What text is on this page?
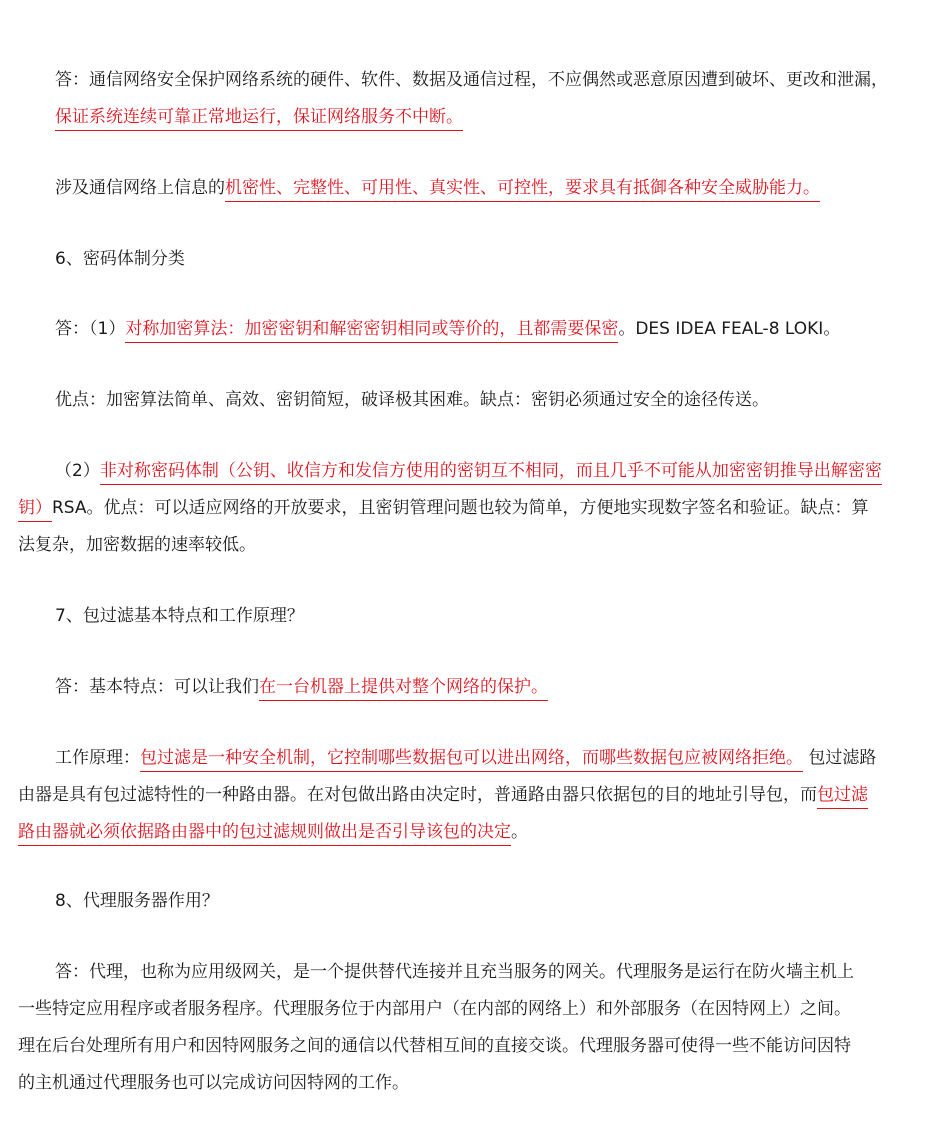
答：通信网络安全保护网络系统的硬件、软件、数据及通信过程，不应偶然或恶意原因遭到破坏、更改和泄漏，
保证系统连续可靠正常地运行，保证网络服务不中断。
涉及通信网络上信息的机密性、完整性、可用性、真实性、可控性，要求具有抵御各种安全威胁能力。
6、密码体制分类
答：（1）对称加密算法：加密密钥和解密密钥相同或等价的，且都需要保密。DES IDEA FEAL-8 LOKI。
优点：加密算法简单、高效、密钥简短，破译极其困难。缺点：密钥必须通过安全的途径传送。
（2）非对称密码体制（公钥、收信方和发信方使用的密钥互不相同，而且几乎不可能从加密密钥推导出解密密
钥）RSA。优点：可以适应网络的开放要求，且密钥管理问题也较为简单，方便地实现数字签名和验证。缺点：算
法复杂，加密数据的速率较低。
7、包过滤基本特点和工作原理？
答：基本特点：可以让我们在一台机器上提供对整个网络的保护。
工作原理：包过滤是一种安全机制，它控制哪些数据包可以进出网络，而哪些数据包应被网络拒绝。 包过滤路
由器是具有包过滤特性的一种路由器。在对包做出路由决定时，普通路由器只依据包的目的地址引导包，而包过滤
路由器就必须依据路由器中的包过滤规则做出是否引导该包的决定。
8、代理服务器作用？
答：代理，也称为应用级网关，是一个提供替代连接并且充当服务的网关。代理服务是运行在防火墙主机上
一些特定应用程序或者服务程序。代理服务位于内部用户（在内部的网络上）和外部服务（在因特网上）之间。
理在后台处理所有用户和因特网服务之间的通信以代替相互间的直接交谈。代理服务器可使得一些不能访问因特
的主机通过代理服务也可以完成访问因特网的工作。
